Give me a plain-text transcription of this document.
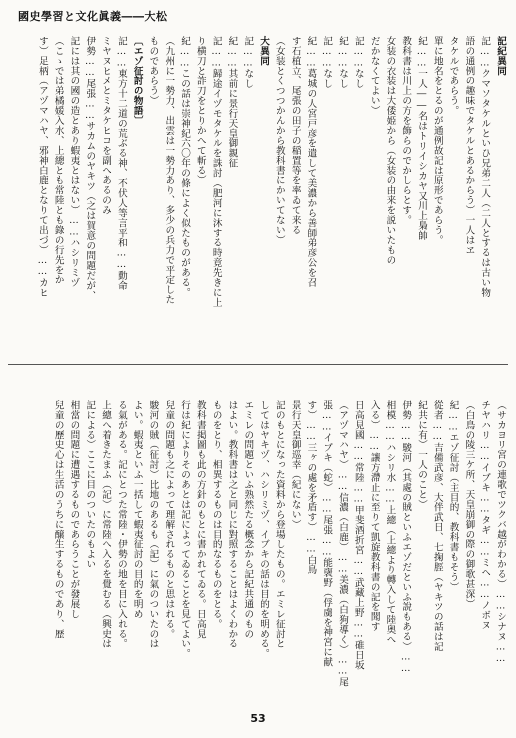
國史學習と文化眞義――大松

記紀異同

記……クマソタケルといひ兄弟二人（二人とするは古い物

語の通例の趣味でタケルとあるからう）一人はヱ

タケルであらう。

單に地名をとるのが通例故記は原形であらう。

紀……一人――名はトリイシカヤ又川上梟帥

教科書は川上の方を飾らのでかしらとす。

女装の衣装は大倭姫から（女装の由来を説いたもの

だかなくてよい）

記……なし

紀……なし

記……なし

紀……葛城の人宮戸彦を遣して美濃から善師弟彦公を召

す石植立、尾張の田子の稲置等を率ゐて来る

（女装とくつつかんから教科書にかいてない）

大異同

記……なし

紀……其前に景行天皇御親征

記……歸途イヅモタケルを誅討（肥河に沐する時竟先きに上

り横刀と詐刀をとりかへて斬る）

紀……この話は崇神紀六〇年の條によく似たものがある。

（九州に一勢力、出雲は一勢力あり、多少の兵力で平定した

ものであらう）

〔エゾ征討の物語〕

記……東方十二道の荒ぶる神、不伏人等言平和……動命

ミヤヌヒメとミタケヒコを副へあるのみ

伊勢……尾張……サカムのヤキツ（之は賀意の問題だが、

記には其の國の造とあり蝦夷とはない）……ハシリミヅ

（こゝでは弟橘媛入水、上總とも常陸とも錄の行先をか

す）足柄（アヅマハヤ、邪神白鹿となりて出づ）……カヒ

（サカヨリ宮の連歌でツクバ越がわかる）……シナヌ……

チヤハリ……イブキ……タギ……ミヘ……ノボヌ

（白鳥の陵三ケ所、天皇崩御の際の御歌甚深）

紀……エゾ征討（主目的、教科書もそう）

從者……吉備武彦、大伴武日、七掬脛（ヤキツの話は記

紀共に有）一人のこと）

伊勢……駿河（其處の賊といふエゾだといふ說もある）……

相模……ハシリ水……上總（上總より轉入して陸奥へ

入る）……讓方滯止に至りて凱旋教科書の記を聞す

日高見國……常陸……甲斐酒折宮……武藏上野……碓日坂

（アヅマハヤ）……信濃（白鹿）……美濃（白狗導く）……尾

張……イブキ（蛇）……尾張……能襃野（俘虜を神宮に献

す）……三ヶの處を矛盾す）……白鳥

景行天皇御巡幸（紀にない）

記のもとになった資料から登場したもの。エミレ征討と

してはヤキヅ、ハシリミヅ、イブキの話は目的を明める。

エミレの問題といふ熟然たる概念から記紀共通のもの

はよい。教科書は之と同じに對照することはよくわかる

ものをとり、相異するものは目的なるものをとる。

教科書掲圖も此の方針のもとに書かれてゐる。日高見

行は紀によりそのあとは記によってゐることを見てよい。

兒童の問題も之によって理解されるものと思はれる。

駿河の賊（征討）比地のあるも（記）に氣のついたのは

よい。蝦夷といふ一括して蝦夷征討の目的を明め

る氣がある。記にとつた常陸・伊勢の地を目に入れる。

上總へ着きたまふ（記）に常陸へ入るを覺むる（興史は

記による）ここに目のついたのもよい

相當の問題に遭遇するものであらうことが發展し

兒童の歷史心は生活のうちに醸生するものであり、歴

53
